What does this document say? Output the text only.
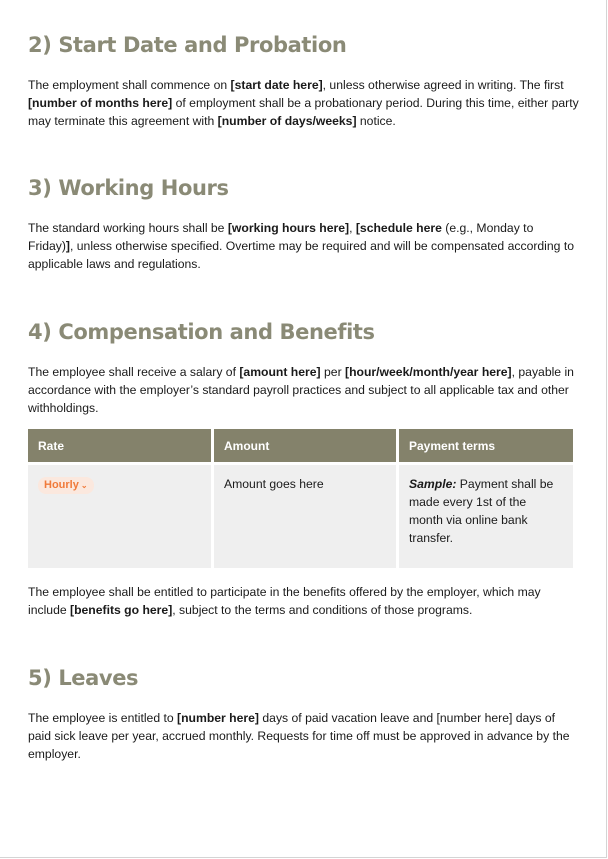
2) Start Date and Probation
The employment shall commence on [start date here], unless otherwise agreed in writing. The first [number of months here] of employment shall be a probationary period. During this time, either party may terminate this agreement with [number of days/weeks] notice.
3) Working Hours
The standard working hours shall be [working hours here], [schedule here (e.g., Monday to Friday)], unless otherwise specified. Overtime may be required and will be compensated according to applicable laws and regulations.
4) Compensation and Benefits
The employee shall receive a salary of [amount here] per [hour/week/month/year here], payable in accordance with the employer’s standard payroll practices and subject to all applicable tax and other withholdings.
Rate	Amount	Payment terms
Hourly ⌄	Amount goes here	Sample: Payment shall be made every 1st of the month via online bank transfer.
The employee shall be entitled to participate in the benefits offered by the employer, which may include [benefits go here], subject to the terms and conditions of those programs.
5) Leaves
The employee is entitled to [number here] days of paid vacation leave and [number here] days of paid sick leave per year, accrued monthly. Requests for time off must be approved in advance by the employer.
